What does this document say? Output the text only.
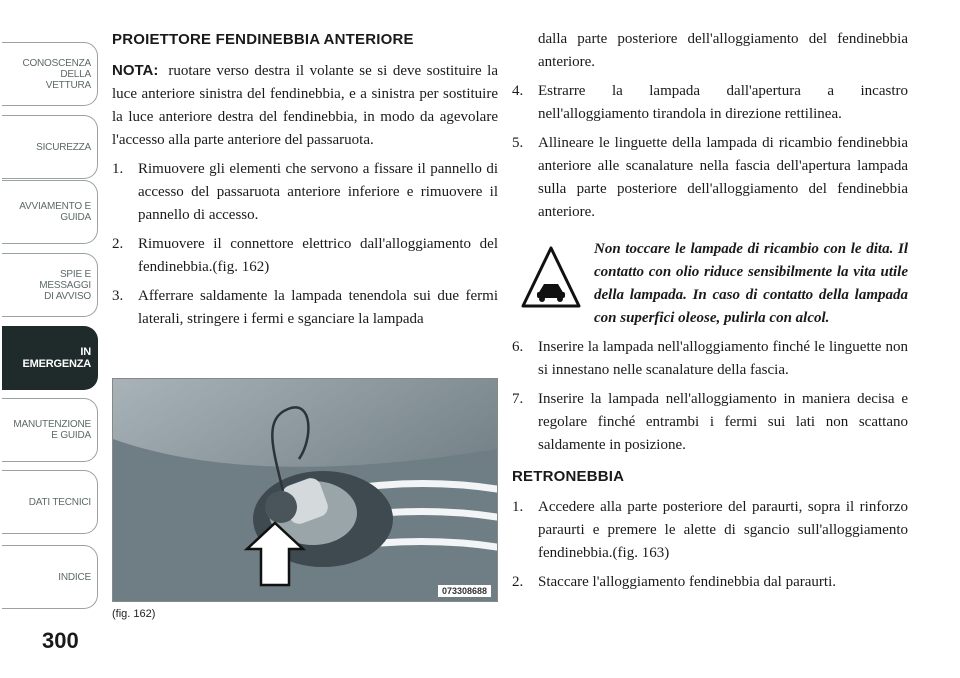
CONOSCENZA DELLA
VETTURA
SICUREZZA
AVVIAMENTO E
GUIDA
SPIE E
MESSAGGI
DI AVVISO
IN
EMERGENZA
MANUTENZIONE
E GUIDA
DATI TECNICI
INDICE
300
PROIETTORE FENDINEBBIA ANTERIORE

NOTA: ruotare verso destra il volante se si deve sostituire la luce anteriore sinistra del fendinebbia, e a sinistra per sostituire la luce anteriore destra del fendinebbia, in modo da agevolare l'accesso alla parte anteriore del passaruota.

1. Rimuovere gli elementi che servono a fissare il pannello di accesso del passaruota anteriore inferiore e rimuovere il pannello di accesso.
2. Rimuovere il connettore elettrico dall'alloggiamento del fendinebbia.(fig. 162)
3. Afferrare saldamente la lampada tenendola sui due fermi laterali, stringere i fermi e sganciare la lampada
073308688
(fig. 162)

dalla parte posteriore dell'alloggiamento del fendinebbia anteriore.

4. Estrarre la lampada dall'apertura a incastro nell'alloggiamento tirandola in direzione rettilinea.
5. Allineare le linguette della lampada di ricambio fendinebbia anteriore alle scanalature nella fascia dell'apertura lampada sulla parte posteriore dell'alloggiamento del fendinebbia anteriore.
Non toccare le lampade di ricambio con le dita. Il contatto con olio riduce sensibilmente la vita utile della lampada. In caso di contatto della lampada con superfici oleose, pulirla con alcol.
6. Inserire la lampada nell'alloggiamento finché le linguette non si innestano nelle scanalature della fascia.
7. Inserire la lampada nell'alloggiamento in maniera decisa e regolare finché entrambi i fermi sui lati non scattano saldamente in posizione.
RETRONEBBIA
1. Accedere alla parte posteriore del paraurti, sopra il rinforzo paraurti e premere le alette di sgancio sull'alloggiamento fendinebbia.(fig. 163)
2. Staccare l'alloggiamento fendinebbia dal paraurti.
